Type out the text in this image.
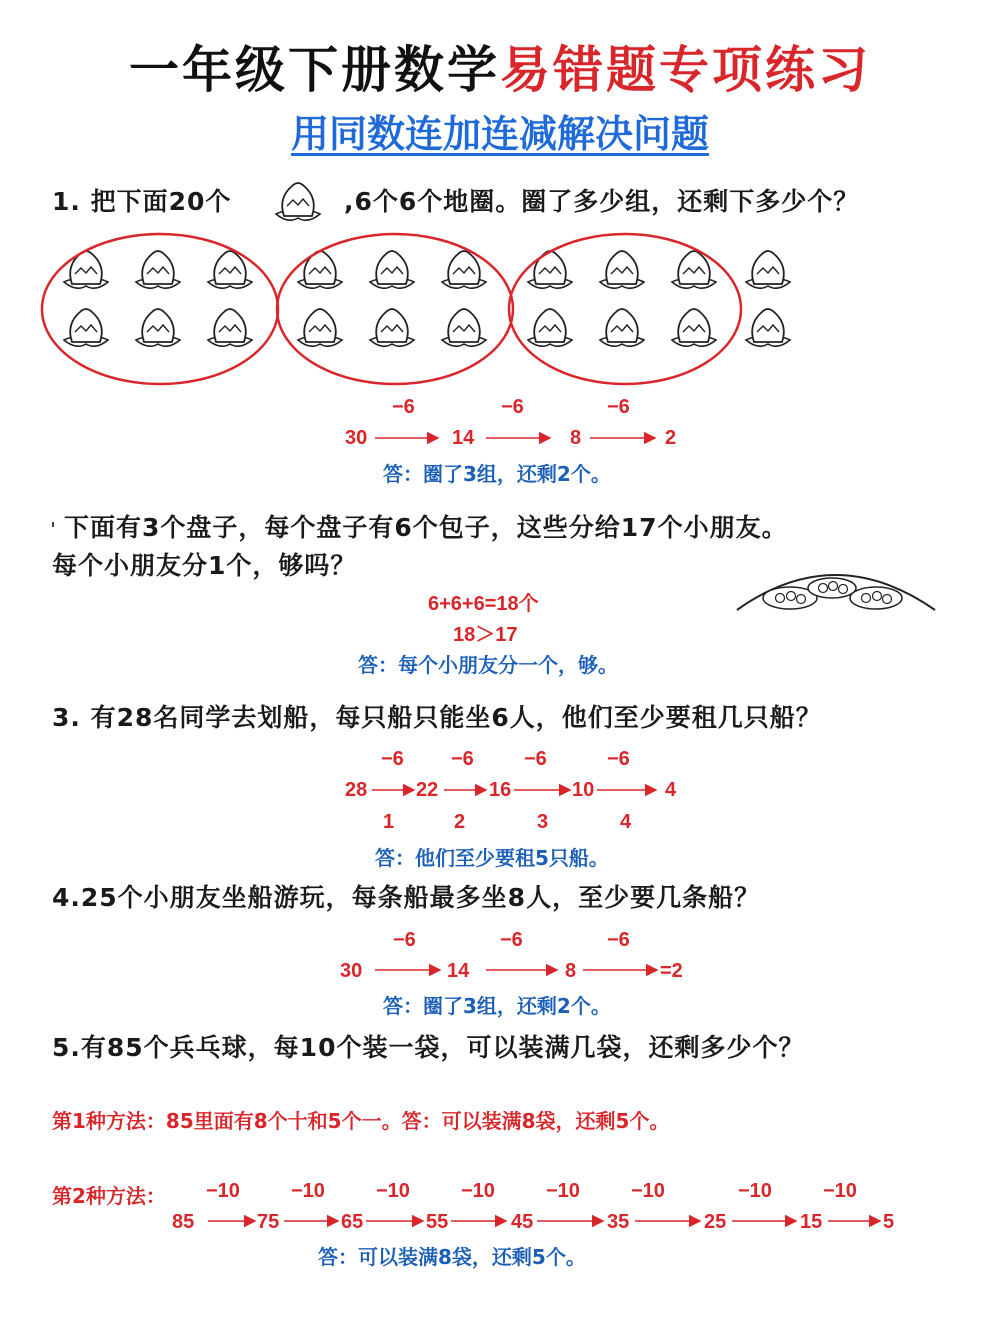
一年级下册数学易错题专项练习
用同数连加连减解决问题
1. 把下面20个	,6个6个地圈。圈了多少组，还剩下多少个？
−6	−6	−6
30	14	8	2
答：圈了3组，还剩2个。
下面有3个盘子，每个盘子有6个包子，这些分给17个小朋友。
每个小朋友分1个，够吗？
6+6+6=18个
18＞17
答：每个小朋友分一个，够。
3. 有28名同学去划船，每只船只能坐6人，他们至少要租几只船？
−6 −6	−6	−6
28 22	16	10	4
1	2	3	4
答：他们至少要租5只船。
4.25个小朋友坐船游玩，每条船最多坐8人，至少要几条船？
−6	−6	−6
30	14	8	=2
答：圈了3组，还剩2个。
5.有85个兵乓球，每10个装一袋，可以装满几袋，还剩多少个？
第1种方法：85里面有8个十和5个一。答：可以装满8袋，还剩5个。
第2种方法： −10	−10	−10	−10	−10	−10	−10	−10
85	75	65	55	45	35	25	15	5
答：可以装满8袋，还剩5个。
